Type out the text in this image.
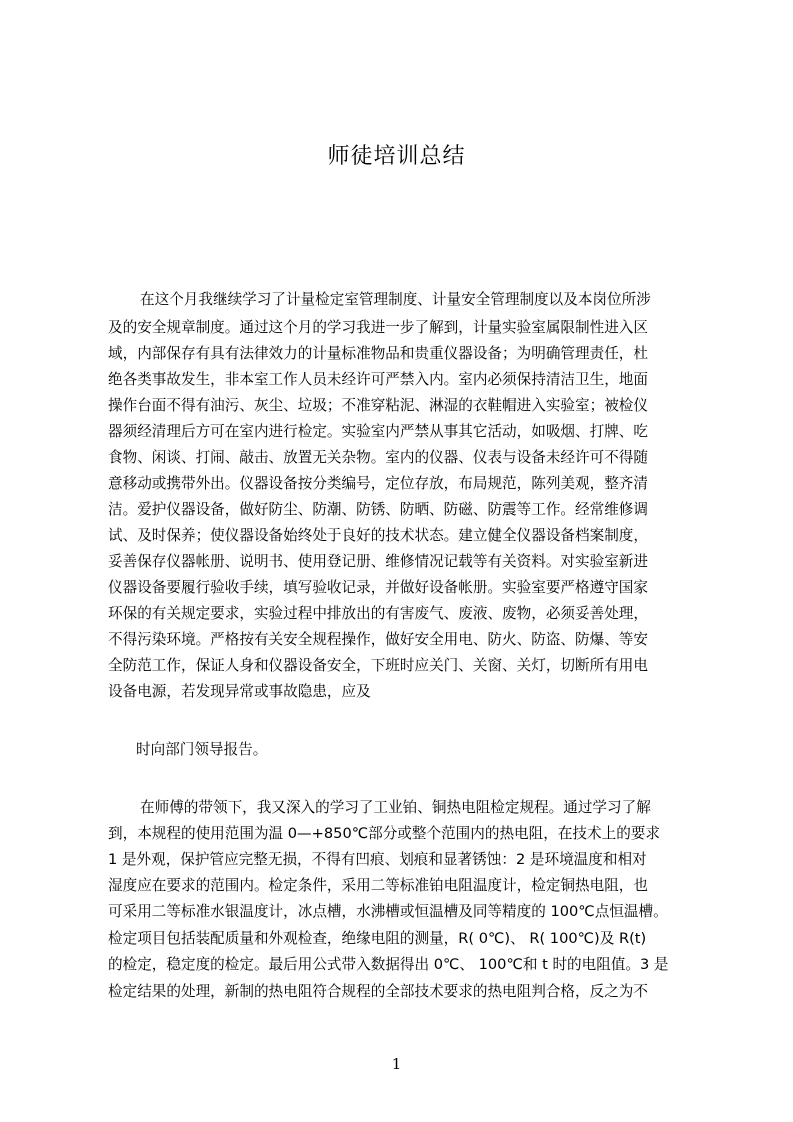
师徒培训总结
在这个月我继续学习了计量检定室管理制度、计量安全管理制度以及本岗位所涉
及的安全规章制度。通过这个月的学习我进一步了解到，计量实验室属限制性进入区
域，内部保存有具有法律效力的计量标准物品和贵重仪器设备；为明确管理责任，杜
绝各类事故发生，非本室工作人员未经许可严禁入内。室内必须保持清洁卫生，地面
操作台面不得有油污、灰尘、垃圾；不准穿粘泥、淋湿的衣鞋帽进入实验室；被检仪
器须经清理后方可在室内进行检定。实验室内严禁从事其它活动，如吸烟、打牌、吃
食物、闲谈、打闹、敲击、放置无关杂物。室内的仪器、仪表与设备未经许可不得随
意移动或携带外出。仪器设备按分类编号，定位存放，布局规范，陈列美观，整齐清
洁。爱护仪器设备，做好防尘、防潮、防锈、防晒、防磁、防震等工作。经常维修调
试、及时保养；使仪器设备始终处于良好的技术状态。建立健全仪器设备档案制度，
妥善保存仪器帐册、说明书、使用登记册、维修情况记载等有关资料。对实验室新进
仪器设备要履行验收手续，填写验收记录，并做好设备帐册。实验室要严格遵守国家
环保的有关规定要求，实验过程中排放出的有害废气、废液、废物，必须妥善处理，
不得污染环境。严格按有关安全规程操作，做好安全用电、防火、防盗、防爆、等安
全防范工作，保证人身和仪器设备安全，下班时应关门、关窗、关灯，切断所有用电
设备电源，若发现异常或事故隐患，应及
时向部门领导报告。
在师傅的带领下，我又深入的学习了工业铂、铜热电阻检定规程。通过学习了解
到，本规程的使用范围为温 0—+850℃部分或整个范围内的热电阻，在技术上的要求
1 是外观，保护管应完整无损，不得有凹痕、划痕和显著锈蚀：2 是环境温度和相对
湿度应在要求的范围内。检定条件，采用二等标准铂电阻温度计，检定铜热电阻，也
可采用二等标准水银温度计，冰点槽，水沸槽或恒温槽及同等精度的 100℃点恒温槽。
检定项目包括装配质量和外观检查，绝缘电阻的测量，R( 0℃)、 R( 100℃)及 R(t)
的检定，稳定度的检定。最后用公式带入数据得出 0℃、 100℃和 t 时的电阻值。3 是
检定结果的处理，新制的热电阻符合规程的全部技术要求的热电阻判合格，反之为不
1
